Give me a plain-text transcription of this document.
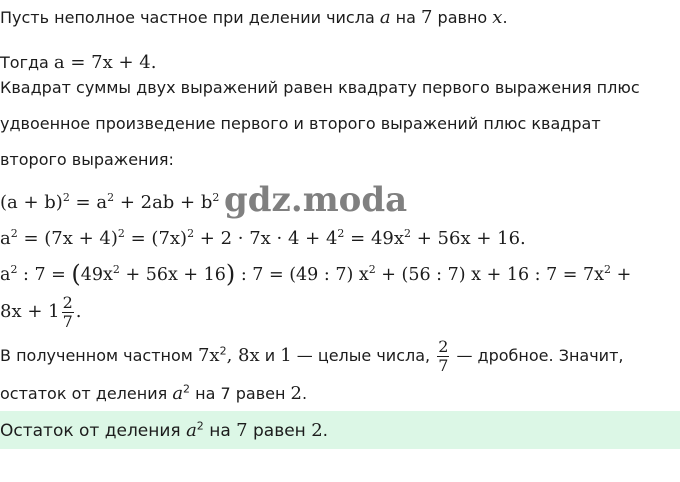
Пусть неполное частное при делении числа a на 7 равно x.
Тогда a = 7x + 4.
Квадрат суммы двух выражений равен квадрату первого выражения плюс
удвоенное произведение первого и второго выражений плюс квадрат
второго выражения:
$(a + b)^2 = a^2 + 2ab + b^2$ gdz.moda
$a^2 = (7x + 4)^2 = (7x)^2 + 2 \cdot 7x \cdot 4 + 4^2 = 49x^2 + 56x + 16$.
$a^2$ : $7 = (49x^2 + 56x + 16)$ : 7 = (49 : 7) $x^2 + (56$ : 7) x + 16 : $7 = 7x^2$ +
$8x + 1 \frac{2}{7}$ .
В полученном частном $7x^2$, 8x и 1 — целые числа, $\frac{2}{7}$ — дробное. Значит,
остаток от деления $a^2$ на 7 равен 2.
Остаток от деления $a^2$ на 7 равен 2.
